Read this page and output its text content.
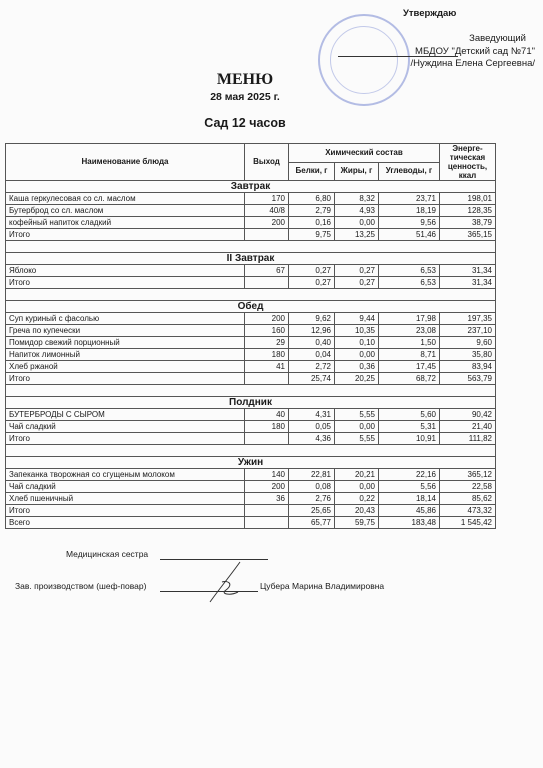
Утверждаю
Заведующий
МБДОУ "Детский сад №71"
/Нуждина Елена Сергеевна/
МЕНЮ
28 мая 2025 г.
Сад 12 часов
Наименование блюда	Выход	Химический состав			Энерге-
тическая
ценность,
ккал

		Белки, г	Жиры, г	Углеводы, г	
Завтрак					
Каша геркулесовая со сл. маслом	170	6,80	8,32	23,71	198,01
Бутерброд со сл. маслом	40/8	2,79	4,93	18,19	128,35
кофейный напиток сладкий	200	0,16	0,00	9,56	38,79
Итого		9,75	13,25	51,46	365,15

II Завтрак					
Яблоко	67	0,27	0,27	6,53	31,34
Итого		0,27	0,27	6,53	31,34

Обед					
Суп куриный с фасолью	200	9,62	9,44	17,98	197,35
Греча по купечески	160	12,96	10,35	23,08	237,10
Помидор свежий порционный	29	0,40	0,10	1,50	9,60
Напиток лимонный	180	0,04	0,00	8,71	35,80
Хлеб ржаной	41	2,72	0,36	17,45	83,94
Итого		25,74	20,25	68,72	563,79

Полдник					
БУТЕРБРОДЫ С СЫРОМ	40	4,31	5,55	5,60	90,42
Чай сладкий	180	0,05	0,00	5,31	21,40
Итого		4,36	5,55	10,91	111,82

Ужин					
Запеканка творожная со сгущеным молоком	140	22,81	20,21	22,16	365,12
Чай сладкий	200	0,08	0,00	5,56	22,58
Хлеб пшеничный	36	2,76	0,22	18,14	85,62
Итого		25,65	20,43	45,86	473,32
Всего		65,77	59,75	183,48	1 545,42
Медицинская сестра
Зав. производством (шеф-повар)	Цубера Марина Владимировна
